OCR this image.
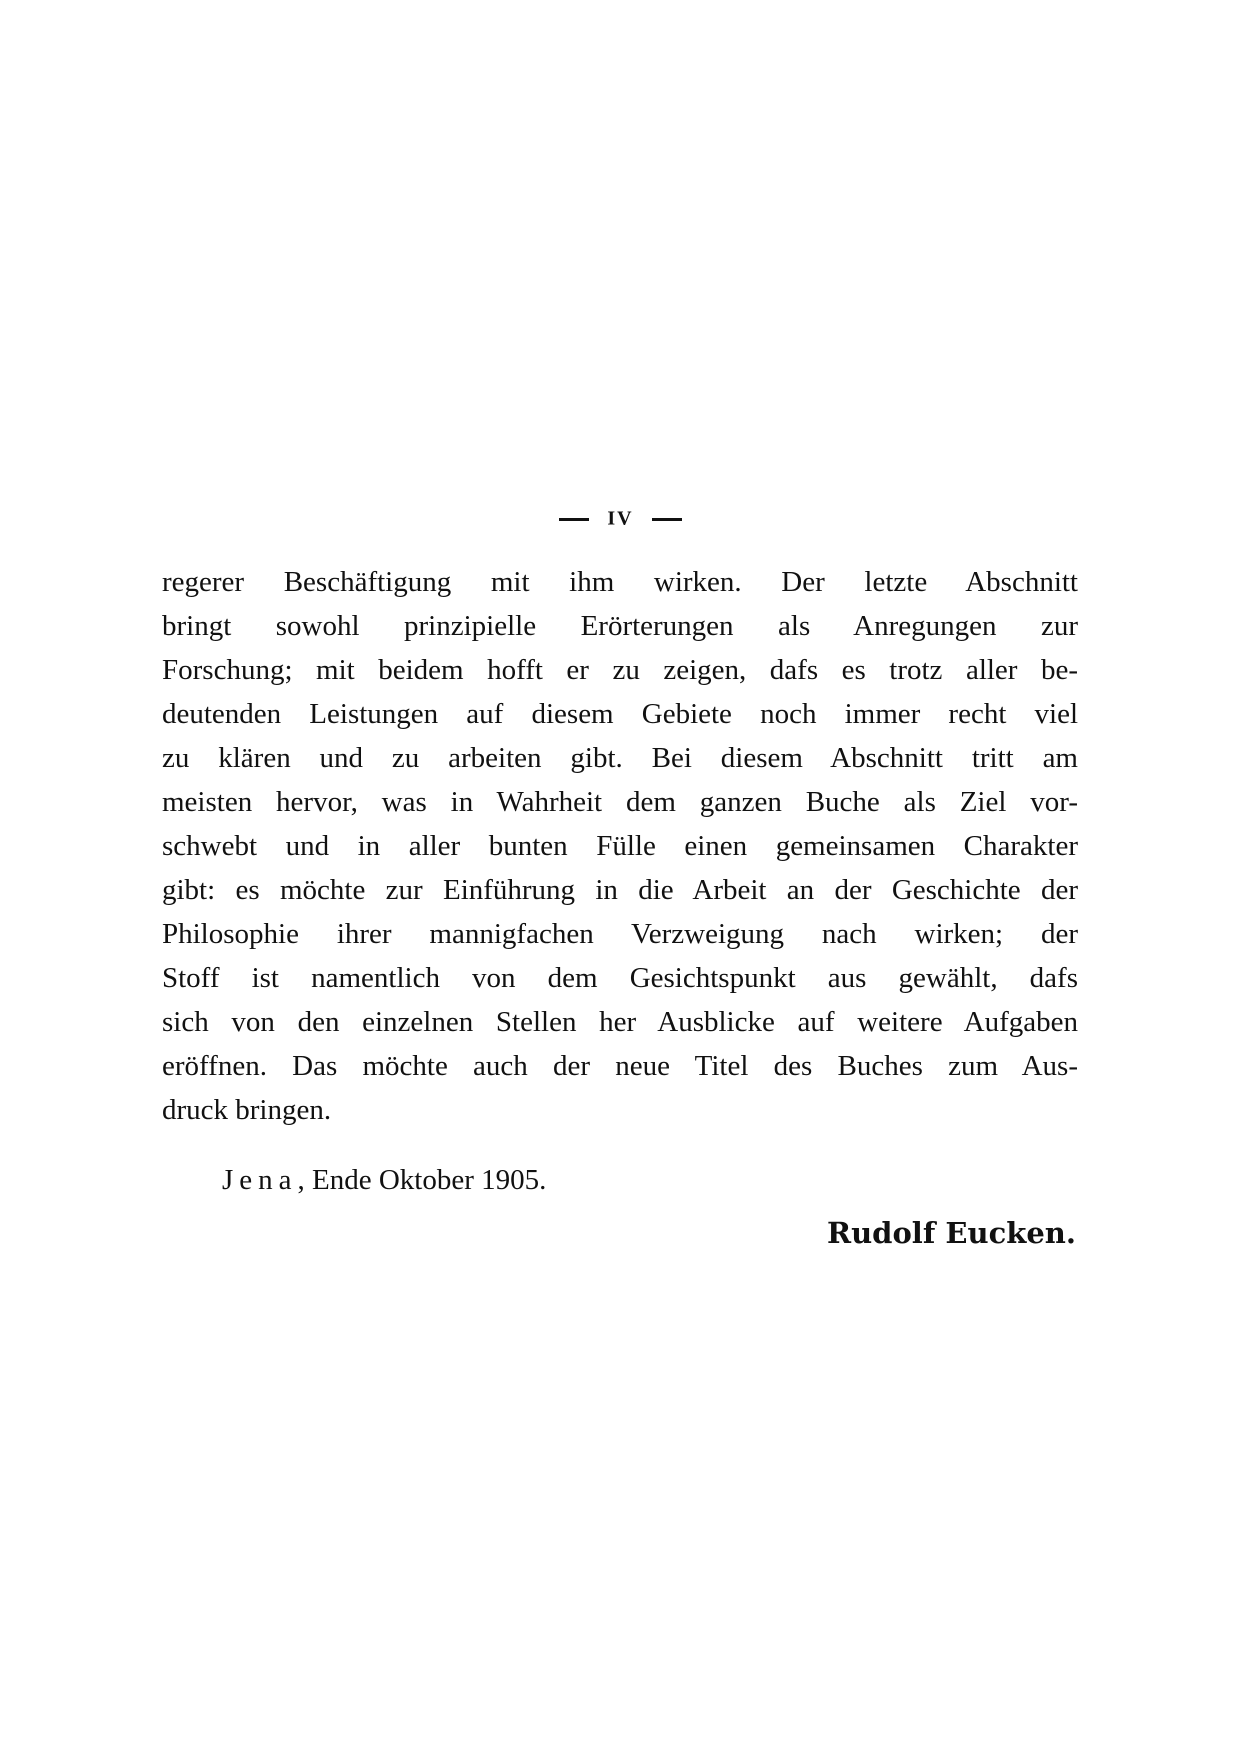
IV
regerer Beschäftigung mit ihm wirken. Der letzte Abschnitt
bringt sowohl prinzipielle Erörterungen als Anregungen zur
Forschung; mit beidem hofft er zu zeigen, dafs es trotz aller be-
deutenden Leistungen auf diesem Gebiete noch immer recht viel
zu klären und zu arbeiten gibt. Bei diesem Abschnitt tritt am
meisten hervor, was in Wahrheit dem ganzen Buche als Ziel vor-
schwebt und in aller bunten Fülle einen gemeinsamen Charakter
gibt: es möchte zur Einführung in die Arbeit an der Geschichte der
Philosophie ihrer mannigfachen Verzweigung nach wirken; der
Stoff ist namentlich von dem Gesichtspunkt aus gewählt, dafs
sich von den einzelnen Stellen her Ausblicke auf weitere Aufgaben
eröffnen. Das möchte auch der neue Titel des Buches zum Aus-
druck bringen.
Jena, Ende Oktober 1905.
Rudolf Eucken.
